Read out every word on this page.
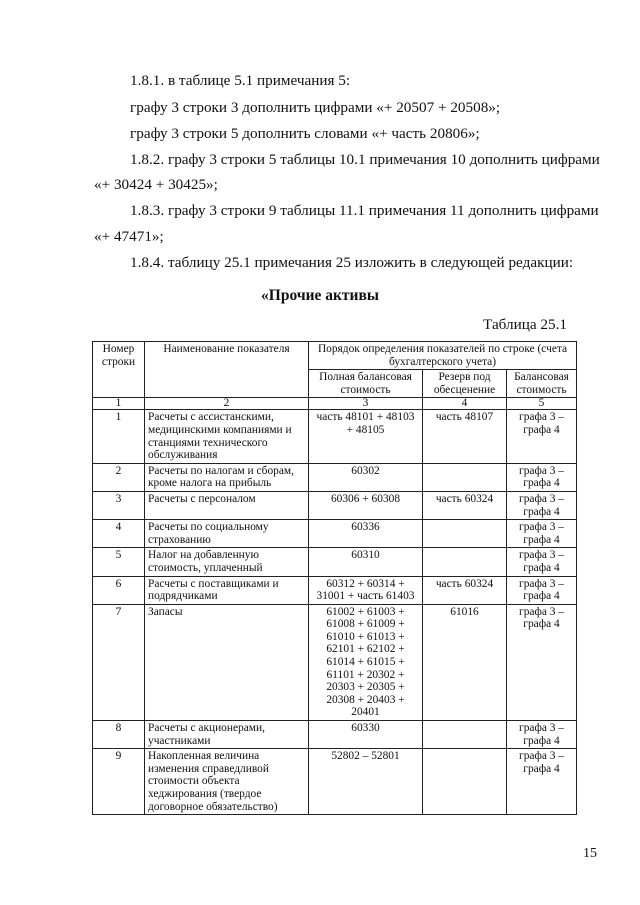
1.8.1. в таблице 5.1 примечания 5:
графу 3 строки 3 дополнить цифрами «+ 20507 + 20508»;
графу 3 строки 5 дополнить словами «+ часть 20806»;
1.8.2. графу 3 строки 5 таблицы 10.1 примечания 10 дополнить цифрами
«+ 30424 + 30425»;
1.8.3. графу 3 строки 9 таблицы 11.1 примечания 11 дополнить цифрами
«+ 47471»;
1.8.4. таблицу 25.1 примечания 25 изложить в следующей редакции:
«Прочие активы
Таблица 25.1
Номер строки	Наименование показателя	Порядок определения показателей по строке (счета бухгалтерского учета)		
		Полная балансовая стоимость	Резерв под обесценение	Балансовая стоимость
1	2	3	4	5
1	Расчеты с ассистанскими, медицинскими компаниями и станциями технического обслуживания	часть 48101 + 48103 + 48105	часть 48107	графа 3 – графа 4
2	Расчеты по налогам и сборам, кроме налога на прибыль	60302		графа 3 – графа 4
3	Расчеты с персоналом	60306 + 60308	часть 60324	графа 3 – графа 4
4	Расчеты по социальному страхованию	60336		графа 3 – графа 4
5	Налог на добавленную стоимость, уплаченный	60310		графа 3 – графа 4
6	Расчеты с поставщиками и подрядчиками	60312 + 60314 + 31001 + часть 61403	часть 60324	графа 3 – графа 4
7	Запасы	61002 + 61003 + 61008 + 61009 + 61010 + 61013 + 62101 + 62102 + 61014 + 61015 + 61101 + 20302 + 20303 + 20305 + 20308 + 20403 + 20401	61016	графа 3 – графа 4
8	Расчеты с акционерами, участниками	60330		графа 3 – графа 4
9	Накопленная величина изменения справедливой стоимости объекта хеджирования (твердое договорное обязательство)	52802 – 52801		графа 3 – графа 4
15
